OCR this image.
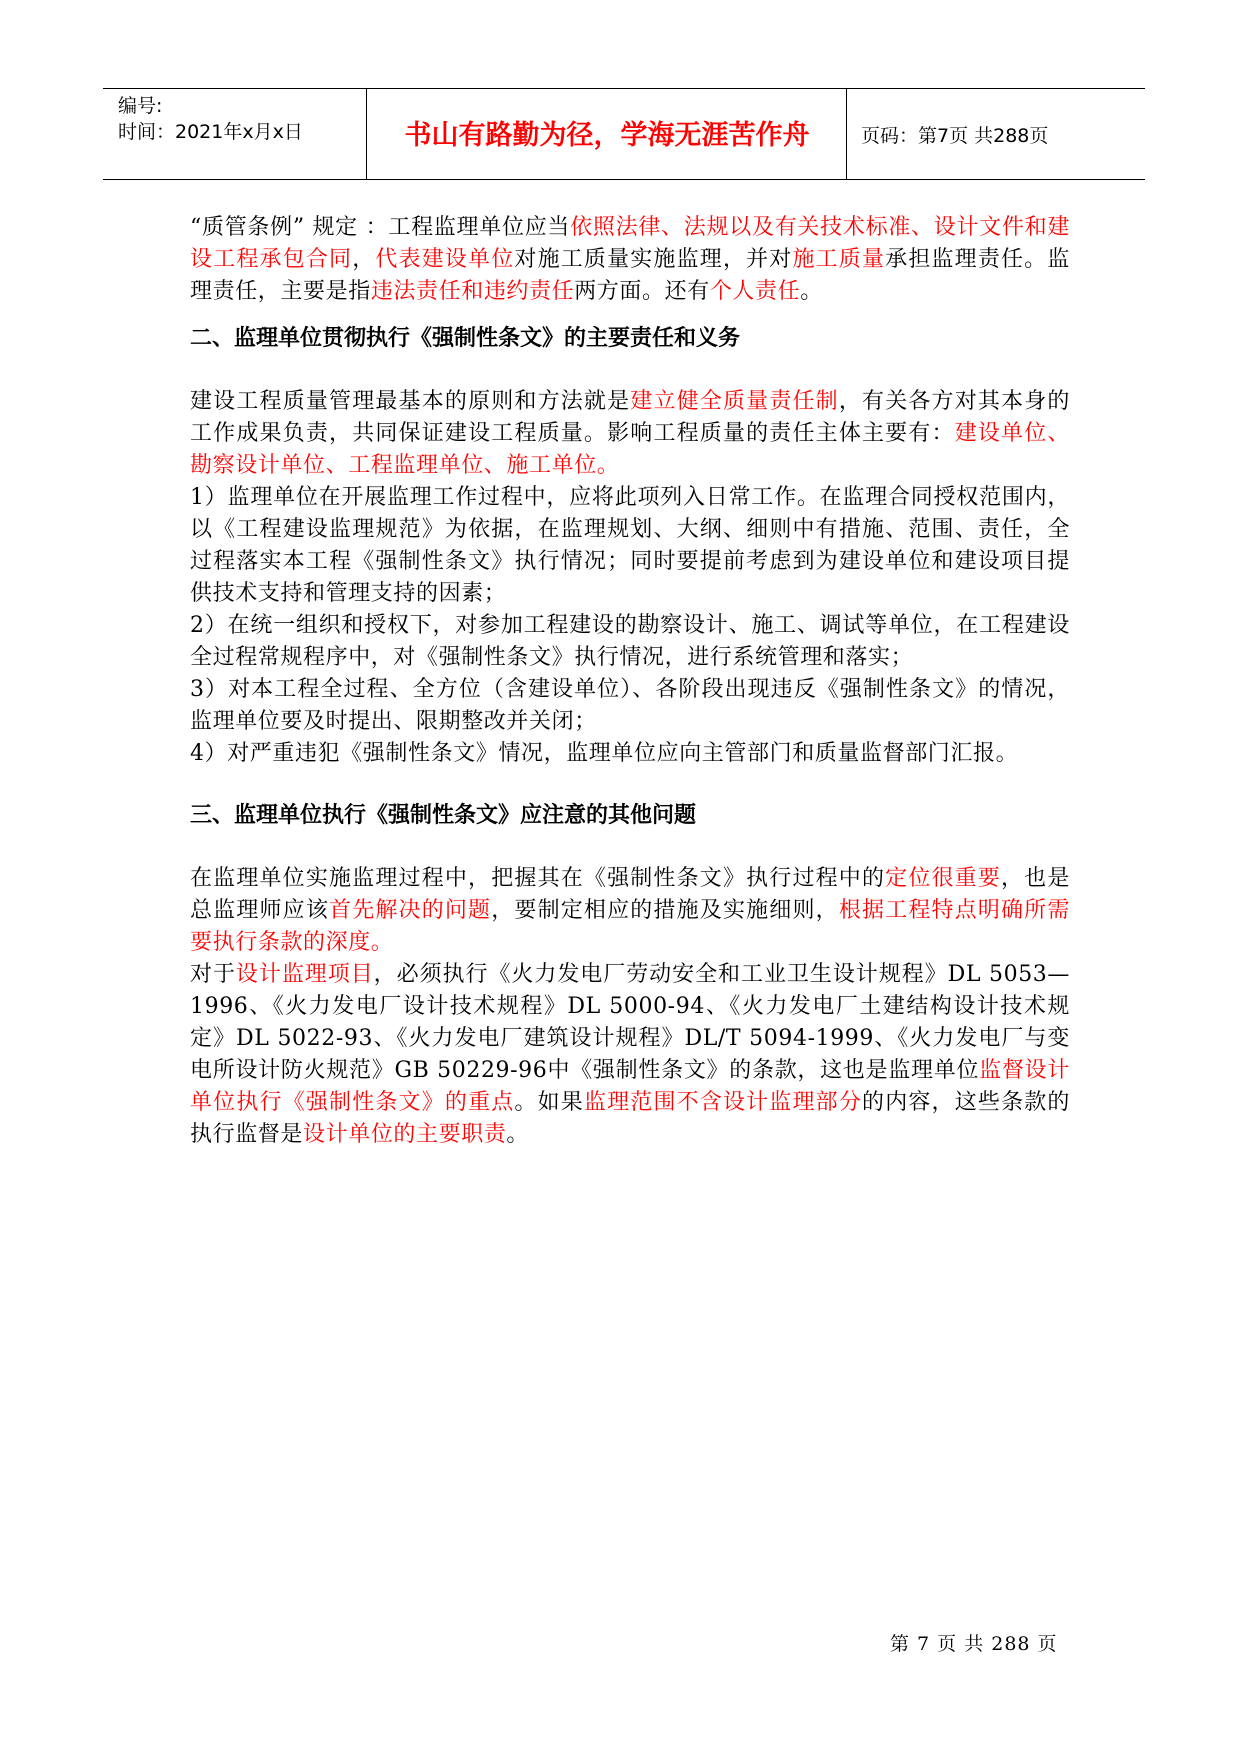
编号:
时间：2021年x月x日	书山有路勤为径，学海无涯苦作舟	页码：第7页 共288页
“质管条例” 规定 ：工程监理单位应当依照法律、法规以及有关技术标准、设计文件和建设工程承包合同，代表建设单位对施工质量实施监理，并对施工质量承担监理责任。监理责任，主要是指违法责任和违约责任两方面。还有个人责任。
二、监理单位贯彻执行《强制性条文》的主要责任和义务
建设工程质量管理最基本的原则和方法就是建立健全质量责任制，有关各方对其本身的工作成果负责，共同保证建设工程质量。影响工程质量的责任主体主要有：建设单位、勘察设计单位、工程监理单位、施工单位。
1）监理单位在开展监理工作过程中，应将此项列入日常工作。在监理合同授权范围内，以《工程建设监理规范》为依据，在监理规划、大纲、细则中有措施、范围、责任，全过程落实本工程《强制性条文》执行情况；同时要提前考虑到为建设单位和建设项目提供技术支持和管理支持的因素；
2）在统一组织和授权下，对参加工程建设的勘察设计、施工、调试等单位，在工程建设全过程常规程序中，对《强制性条文》执行情况，进行系统管理和落实；
3）对本工程全过程、全方位（含建设单位）、各阶段出现违反《强制性条文》的情况，监理单位要及时提出、限期整改并关闭；
4）对严重违犯《强制性条文》情况，监理单位应向主管部门和质量监督部门汇报。
三、监理单位执行《强制性条文》应注意的其他问题
在监理单位实施监理过程中，把握其在《强制性条文》执行过程中的定位很重要，也是总监理师应该首先解决的问题，要制定相应的措施及实施细则，根据工程特点明确所需要执行条款的深度。
对于设计监理项目，必须执行《火力发电厂劳动安全和工业卫生设计规程》DL 5053—1996、《火力发电厂设计技术规程》DL 5000-94、《火力发电厂土建结构设计技术规定》DL 5022-93、《火力发电厂建筑设计规程》DL/T 5094-1999、《火力发电厂与变电所设计防火规范》GB 50229-96中《强制性条文》的条款，这也是监理单位监督设计单位执行《强制性条文》的重点。如果监理范围不含设计监理部分的内容，这些条款的执行监督是设计单位的主要职责。
第 7 页 共 288 页
